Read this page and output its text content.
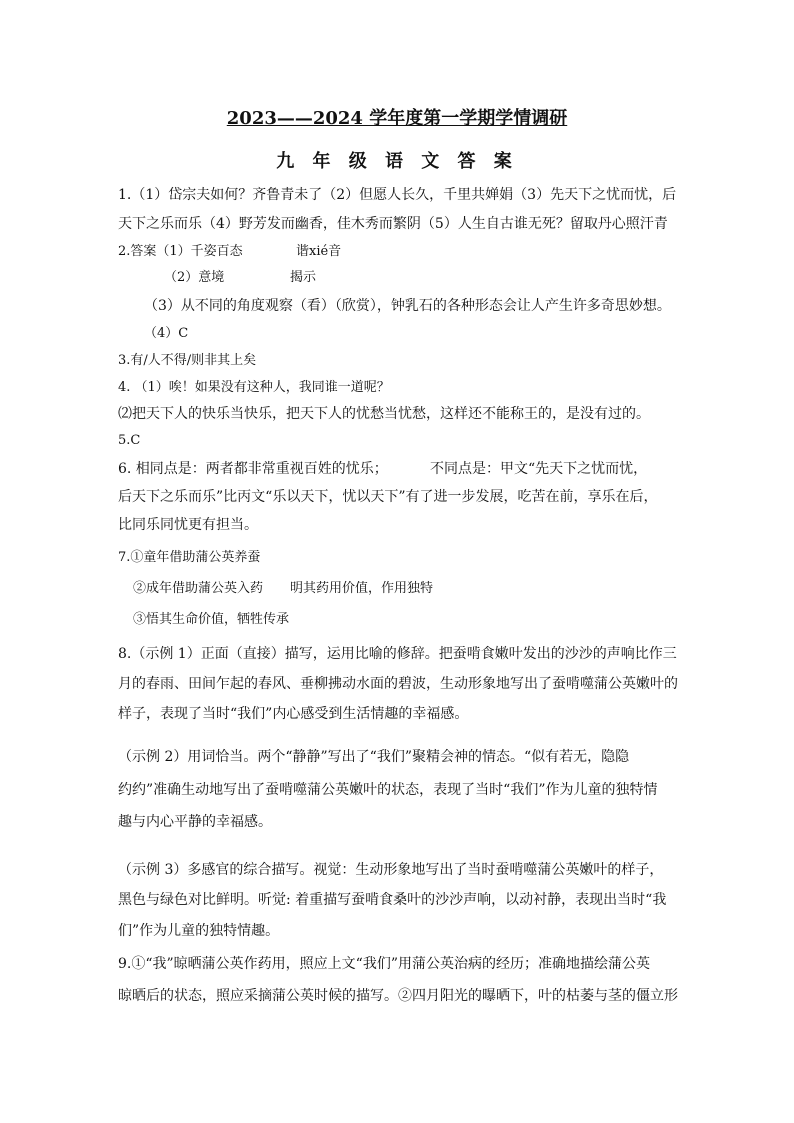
2023——2024 学年度第一学期学情调研
九 年 级 语 文 答 案
1.（1）岱宗夫如何？齐鲁青未了（2）但愿人长久，千里共婵娟（3）先天下之忧而忧，后
天下之乐而乐（4）野芳发而幽香，佳木秀而繁阴（5）人生自古谁无死？留取丹心照汗青
2.答案（1）千姿百态	谐xié音
（2）意境	揭示
（3）从不同的角度观察（看）（欣赏），钟乳石的各种形态会让人产生许多奇思妙想。
（4）C
3.有/人不得/则非其上矣
4. （1）唉！如果没有这种人，我同谁一道呢？
⑵把天下人的快乐当快乐，把天下人的忧愁当忧愁，这样还不能称王的，是没有过的。
5.C
6. 相同点是：两者都非常重视百姓的忧乐；	不同点是：甲文“先天下之忧而忧，
后天下之乐而乐”比丙文“乐以天下，忧以天下”有了进一步发展，吃苦在前，享乐在后，
比同乐同忧更有担当。
7.①童年借助蒲公英养蚕
②成年借助蒲公英入药 明其药用价值，作用独特
③悟其生命价值，牺牲传承
8.（示例 1）正面（直接）描写，运用比喻的修辞。把蚕啃食嫩叶发出的沙沙的声响比作三
月的春雨、田间乍起的春风、垂柳拂动水面的碧波，生动形象地写出了蚕啃噬蒲公英嫩叶的
样子，表现了当时“我们”内心感受到生活情趣的幸福感。
（示例 2）用词恰当。两个“静静”写出了“我们”聚精会神的情态。“似有若无，隐隐
约约”准确生动地写出了蚕啃噬蒲公英嫩叶的状态，表现了当时“我们”作为儿童的独特情
趣与内心平静的幸福感。
（示例 3）多感官的综合描写。视觉：生动形象地写出了当时蚕啃噬蒲公英嫩叶的样子，
黑色与绿色对比鲜明。听觉: 着重描写蚕啃食桑叶的沙沙声响，以动衬静，表现出当时“我
们”作为儿童的独特情趣。
9.①“我”晾晒蒲公英作药用，照应上文“我们”用蒲公英治病的经历；准确地描绘蒲公英
晾晒后的状态，照应采摘蒲公英时候的描写。②四月阳光的曝晒下，叶的枯萎与茎的僵立形
